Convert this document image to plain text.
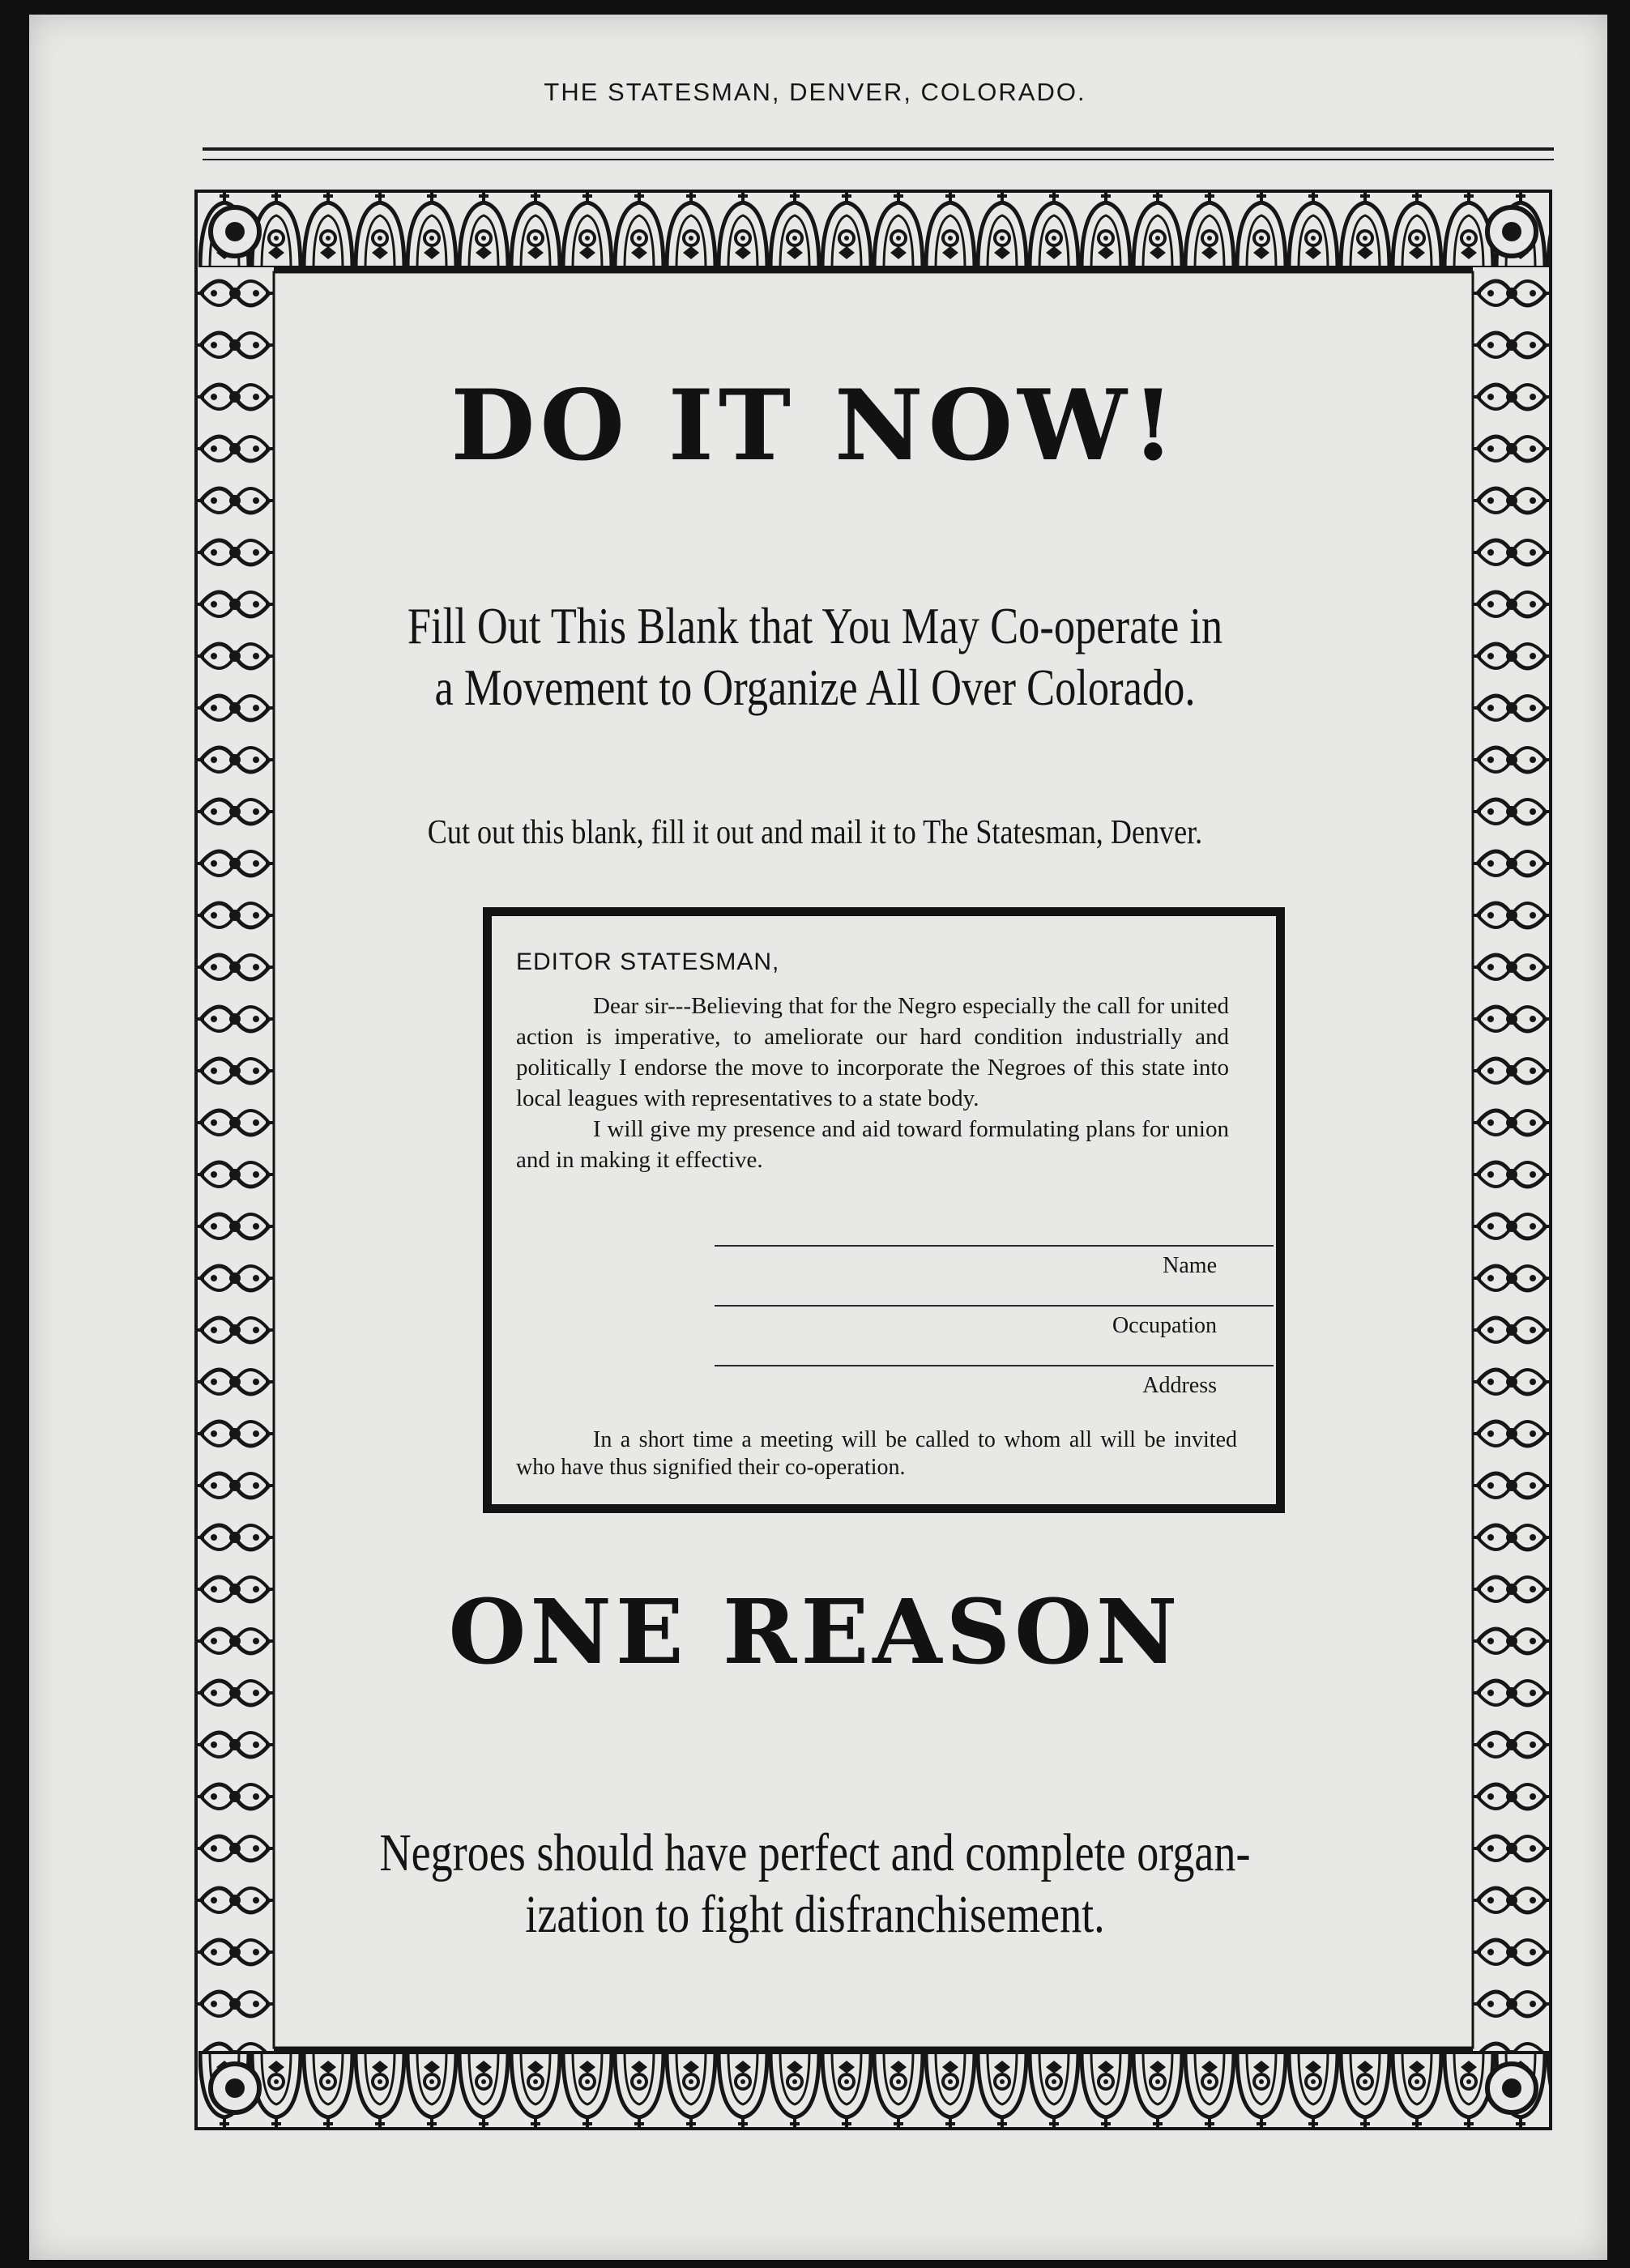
THE STATESMAN, DENVER, COLORADO.
DO IT NOW!
Fill Out This Blank that You May Co-operate in
a Movement to Organize All Over Colorado.
Cut out this blank, fill it out and mail it to The Statesman, Denver.
EDITOR STATESMAN,

Dear sir---Believing that for the Negro especially the call for united action is imperative, to ameliorate our hard condition industrially and politically I endorse the move to incorporate the Negroes of this state into local leagues with representatives to a state body.

I will give my presence and aid toward formulating plans for union and in making it effective.

Name
Occupation
Address
In a short time a meeting will be called to whom all will be invited who have thus signified their co-operation.
ONE REASON
Negroes should have perfect and complete organ-
ization to fight disfranchisement.
